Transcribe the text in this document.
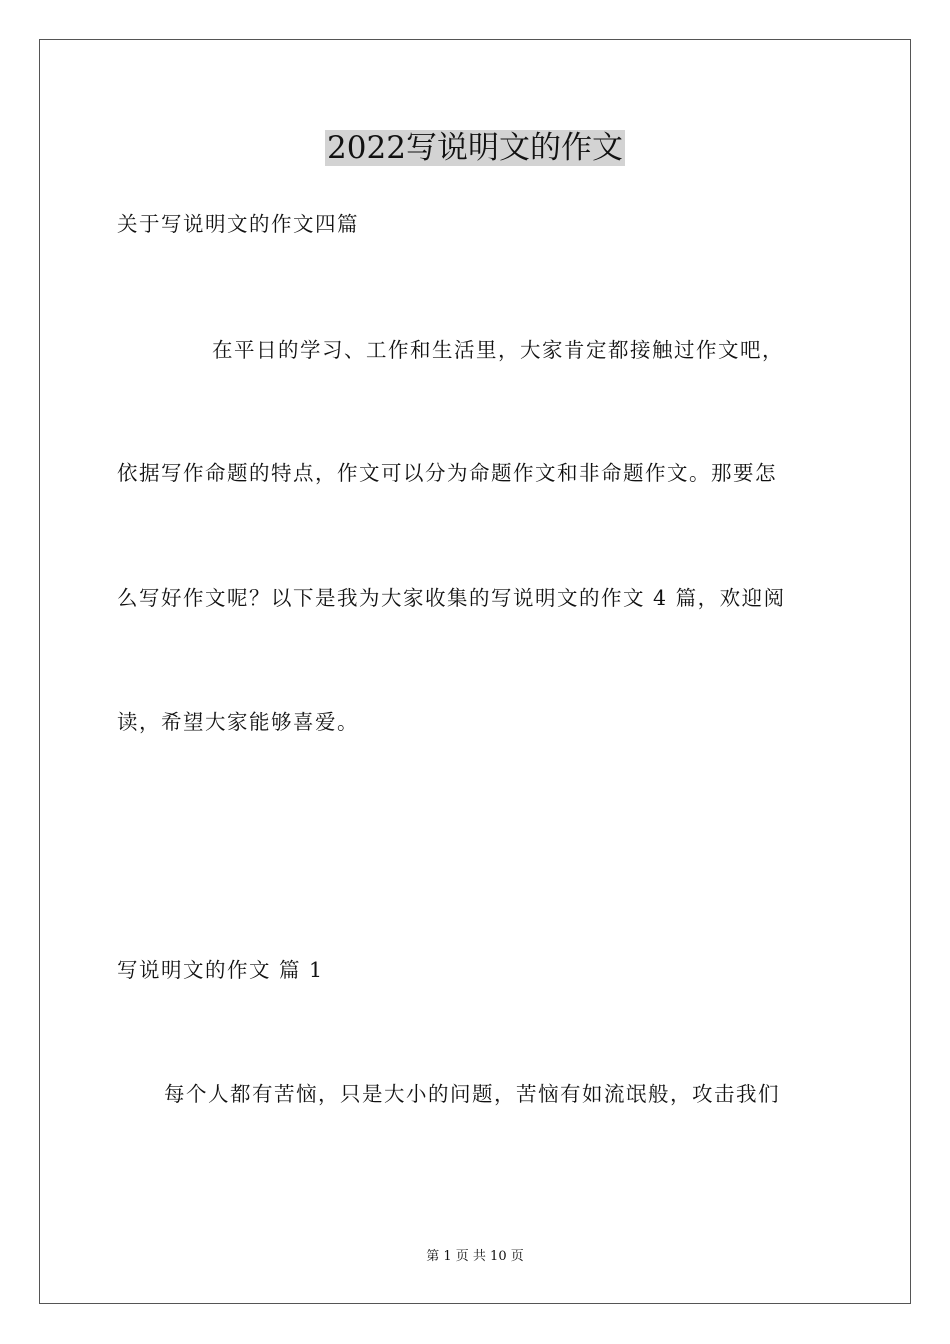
2022写说明文的作文
关于写说明文的作文四篇
在平日的学习、工作和生活里，大家肯定都接触过作文吧，
依据写作命题的特点，作文可以分为命题作文和非命题作文。那要怎
么写好作文呢？以下是我为大家收集的写说明文的作文 4 篇，欢迎阅
读，希望大家能够喜爱。
写说明文的作文 篇 1
每个人都有苦恼，只是大小的问题，苦恼有如流氓般，攻击我们
第 1 页 共 10 页
